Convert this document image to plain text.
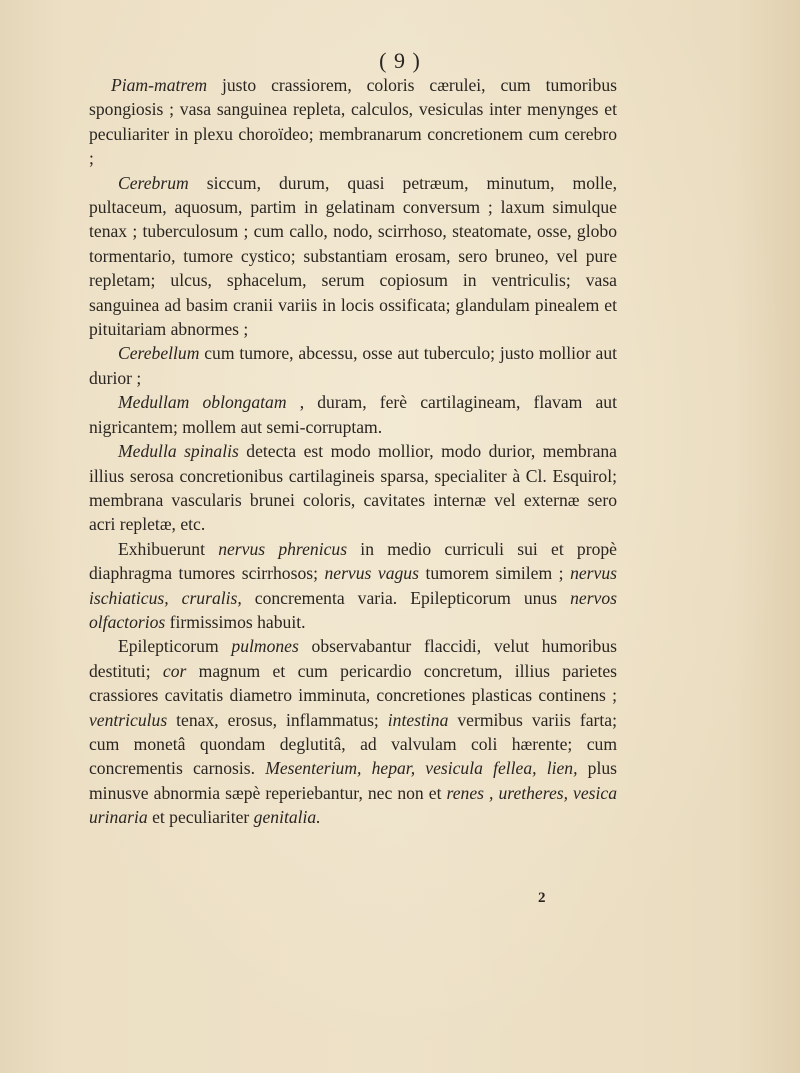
( 9 )

Piam-matrem justo crassiorem, coloris cærulei, cum tumoribus spongiosis ; vasa sanguinea repleta, calculos, vesiculas inter menynges et peculiariter in plexu choroïdeo; membranarum concretionem cum cerebro ;

Cerebrum siccum, durum, quasi petræum, minutum, molle, pultaceum, aquosum, partim in gelatinam conversum ; laxum simulque tenax ; tuberculosum ; cum callo, nodo, scirrhoso, steatomate, osse, globo tormentario, tumore cystico; substantiam erosam, sero bruneo, vel pure repletam; ulcus, sphacelum, serum copiosum in ventriculis; vasa sanguinea ad basim cranii variis in locis ossificata; glandulam pinealem et pituitariam abnormes ;

Cerebellum cum tumore, abcessu, osse aut tuberculo; justo mollior aut durior ;

Medullam oblongatam , duram, ferè cartilagineam, flavam aut nigricantem; mollem aut semi-corruptam.

Medulla spinalis detecta est modo mollior, modo durior, membrana illius serosa concretionibus cartilagineis sparsa, specialiter à Cl. Esquirol; membrana vascularis brunei coloris, cavitates internæ vel externæ sero acri repletæ, etc.

Exhibuerunt nervus phrenicus in medio curriculi sui et propè diaphragma tumores scirrhosos; nervus vagus tumorem similem ; nervus ischiaticus, cruralis, concrementa varia. Epilepticorum unus nervos olfactorios firmissimos habuit.

Epilepticorum pulmones observabantur flaccidi, velut humoribus destituti; cor magnum et cum pericardio concretum, illius parietes crassiores cavitatis diametro imminuta, concretiones plasticas continens ; ventriculus tenax, erosus, inflammatus; intestina vermibus variis farta; cum monetâ quondam deglutitâ, ad valvulam coli hærente; cum concrementis carnosis. Mesenterium, hepar, vesicula fellea, lien, plus minusve abnormia sæpè reperiebantur, nec non et renes , uretheres, vesica urinaria et peculiariter genitalia.

2
